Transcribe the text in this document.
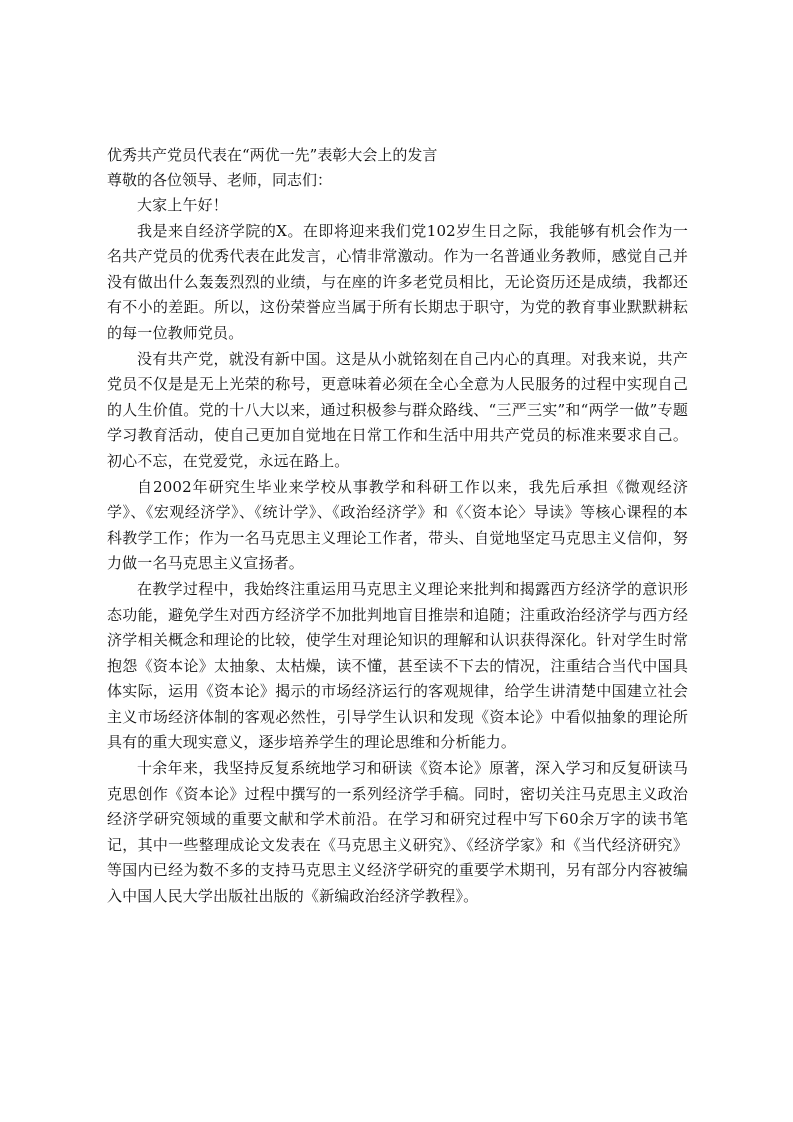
优秀共产党员代表在“两优一先”表彰大会上的发言

尊敬的各位领导、老师，同志们：

大家上午好！

我是来自经济学院的X。在即将迎来我们党102岁生日之际，我能够有机会作为一名共产党员的优秀代表在此发言，心情非常激动。作为一名普通业务教师，感觉自己并没有做出什么轰轰烈烈的业绩，与在座的许多老党员相比，无论资历还是成绩，我都还有不小的差距。所以，这份荣誉应当属于所有长期忠于职守，为党的教育事业默默耕耘的每一位教师党员。

没有共产党，就没有新中国。这是从小就铭刻在自己内心的真理。对我来说，共产党员不仅是是无上光荣的称号，更意味着必须在全心全意为人民服务的过程中实现自己的人生价值。党的十八大以来，通过积极参与群众路线、“三严三实”和“两学一做”专题学习教育活动，使自己更加自觉地在日常工作和生活中用共产党员的标准来要求自己。初心不忘，在党爱党，永远在路上。

自2002年研究生毕业来学校从事教学和科研工作以来，我先后承担《微观经济学》、《宏观经济学》、《统计学》、《政治经济学》和《〈资本论〉导读》等核心课程的本科教学工作；作为一名马克思主义理论工作者，带头、自觉地坚定马克思主义信仰，努力做一名马克思主义宣扬者。

在教学过程中，我始终注重运用马克思主义理论来批判和揭露西方经济学的意识形态功能，避免学生对西方经济学不加批判地盲目推崇和追随；注重政治经济学与西方经济学相关概念和理论的比较，使学生对理论知识的理解和认识获得深化。针对学生时常抱怨《资本论》太抽象、太枯燥，读不懂，甚至读不下去的情况，注重结合当代中国具体实际，运用《资本论》揭示的市场经济运行的客观规律，给学生讲清楚中国建立社会主义市场经济体制的客观必然性，引导学生认识和发现《资本论》中看似抽象的理论所具有的重大现实意义，逐步培养学生的理论思维和分析能力。

十余年来，我坚持反复系统地学习和研读《资本论》原著，深入学习和反复研读马克思创作《资本论》过程中撰写的一系列经济学手稿。同时，密切关注马克思主义政治经济学研究领域的重要文献和学术前沿。在学习和研究过程中写下60余万字的读书笔记，其中一些整理成论文发表在《马克思主义研究》、《经济学家》和《当代经济研究》等国内已经为数不多的支持马克思主义经济学研究的重要学术期刊，另有部分内容被编入中国人民大学出版社出版的《新编政治经济学教程》。
